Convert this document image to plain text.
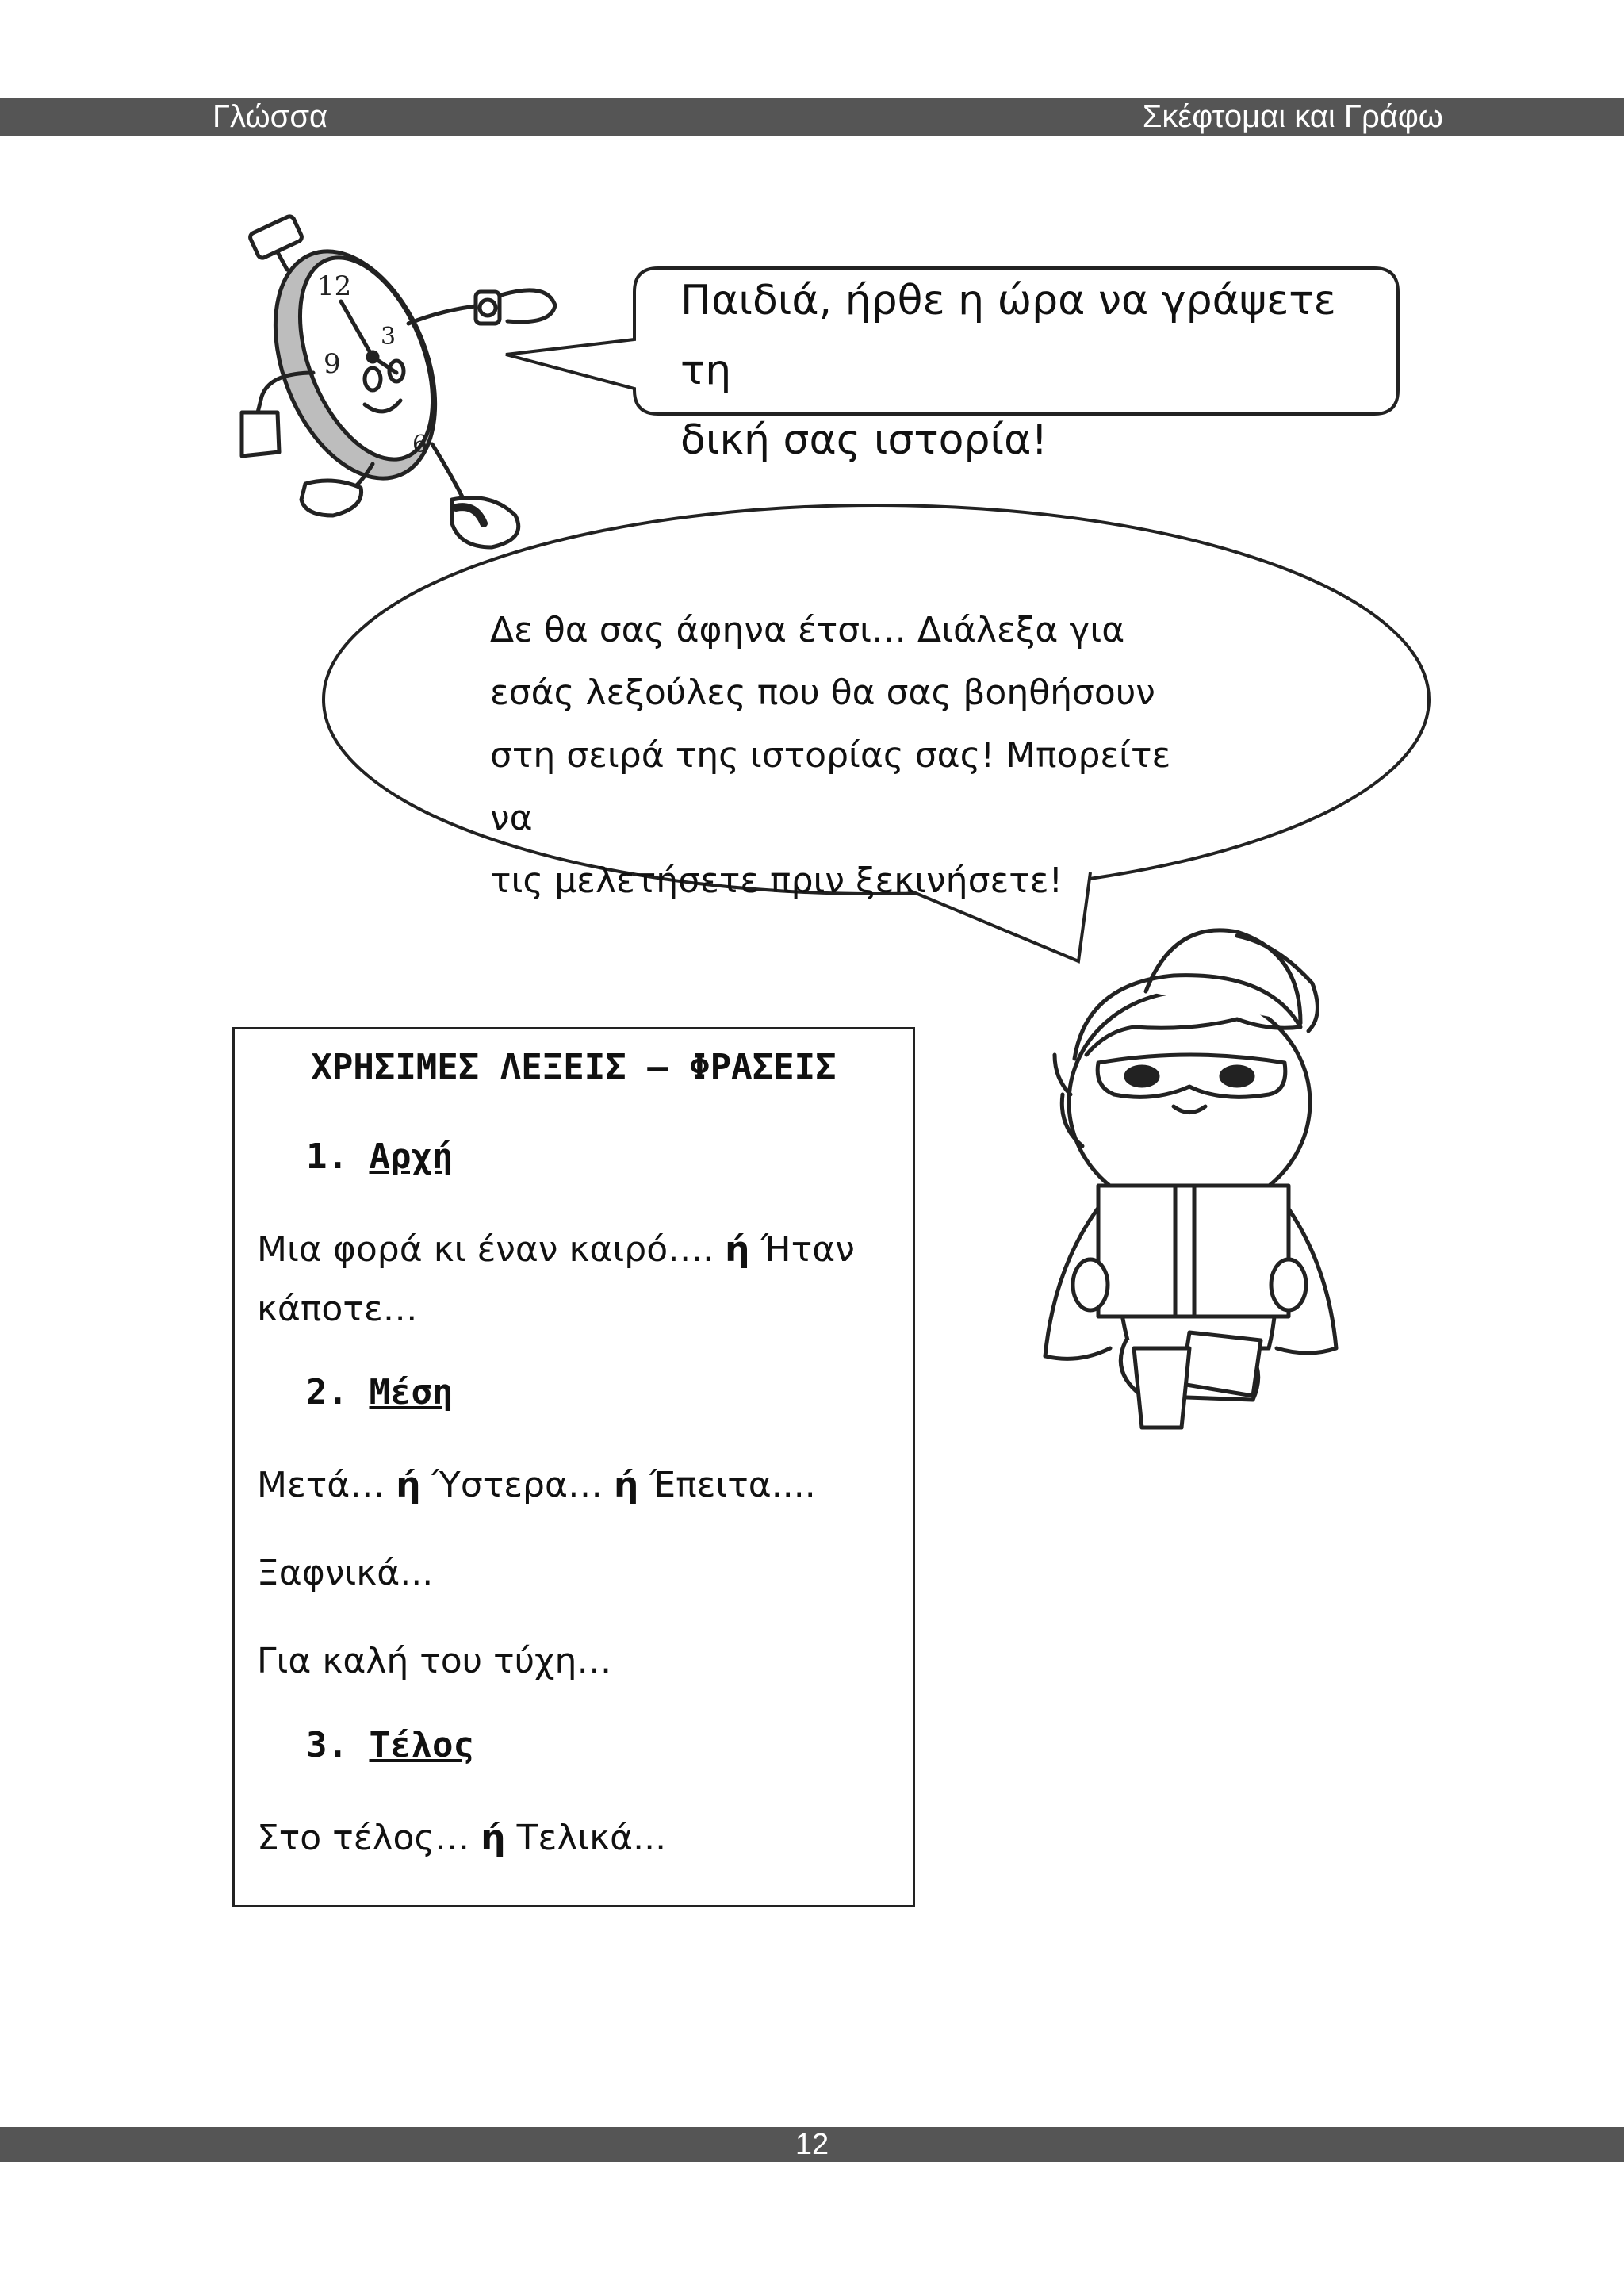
Γλώσσα	Σκέφτομαι και Γράφω
12
3
9
6
Παιδιά, ήρθε η ώρα να γράψετε τη
δική σας ιστορία!
Δε θα σας άφηνα έτσι… Διάλεξα για
εσάς λεξούλες που θα σας βοηθήσουν
στη σειρά της ιστορίας σας! Μπορείτε να
τις μελετήσετε πριν ξεκινήσετε!
ΧΡΗΣΙΜΕΣ ΛΕΞΕΙΣ – ΦΡΑΣΕΙΣ
1. Αρχή
Μια φορά κι έναν καιρό…. ή Ήταν
κάποτε…
2. Μέση
Μετά… ή Ύστερα… ή Έπειτα....
Ξαφνικά...
Για καλή του τύχη…
3. Τέλος
Στο τέλος… ή Τελικά...
12
